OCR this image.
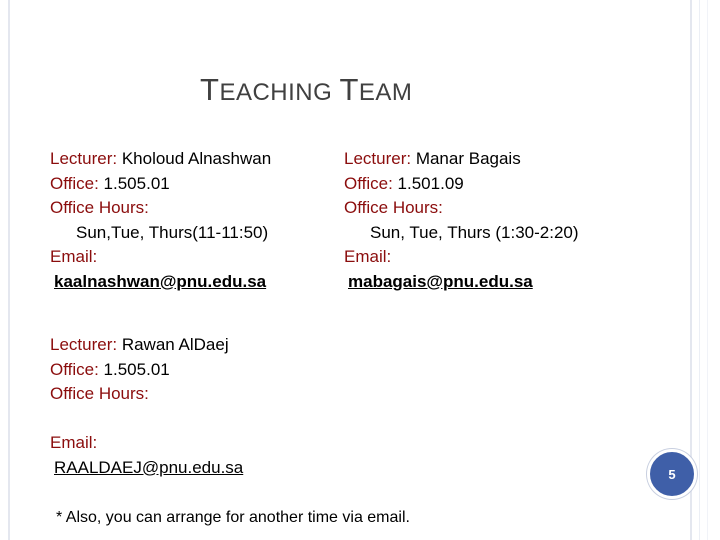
TEACHING TEAM
Lecturer: Kholoud Alnashwan
Office: 1.505.01
Office Hours:
Sun,Tue, Thurs(11-11:50)
Email:
kaalnashwan@pnu.edu.sa
Lecturer: Manar Bagais
Office: 1.501.09
Office Hours:
Sun, Tue, Thurs (1:30-2:20)
Email:
mabagais@pnu.edu.sa
Lecturer: Rawan AlDaej
Office: 1.505.01
Office Hours:
Email:
RAALDAEJ@pnu.edu.sa	5
* Also, you can arrange for another time via email.
